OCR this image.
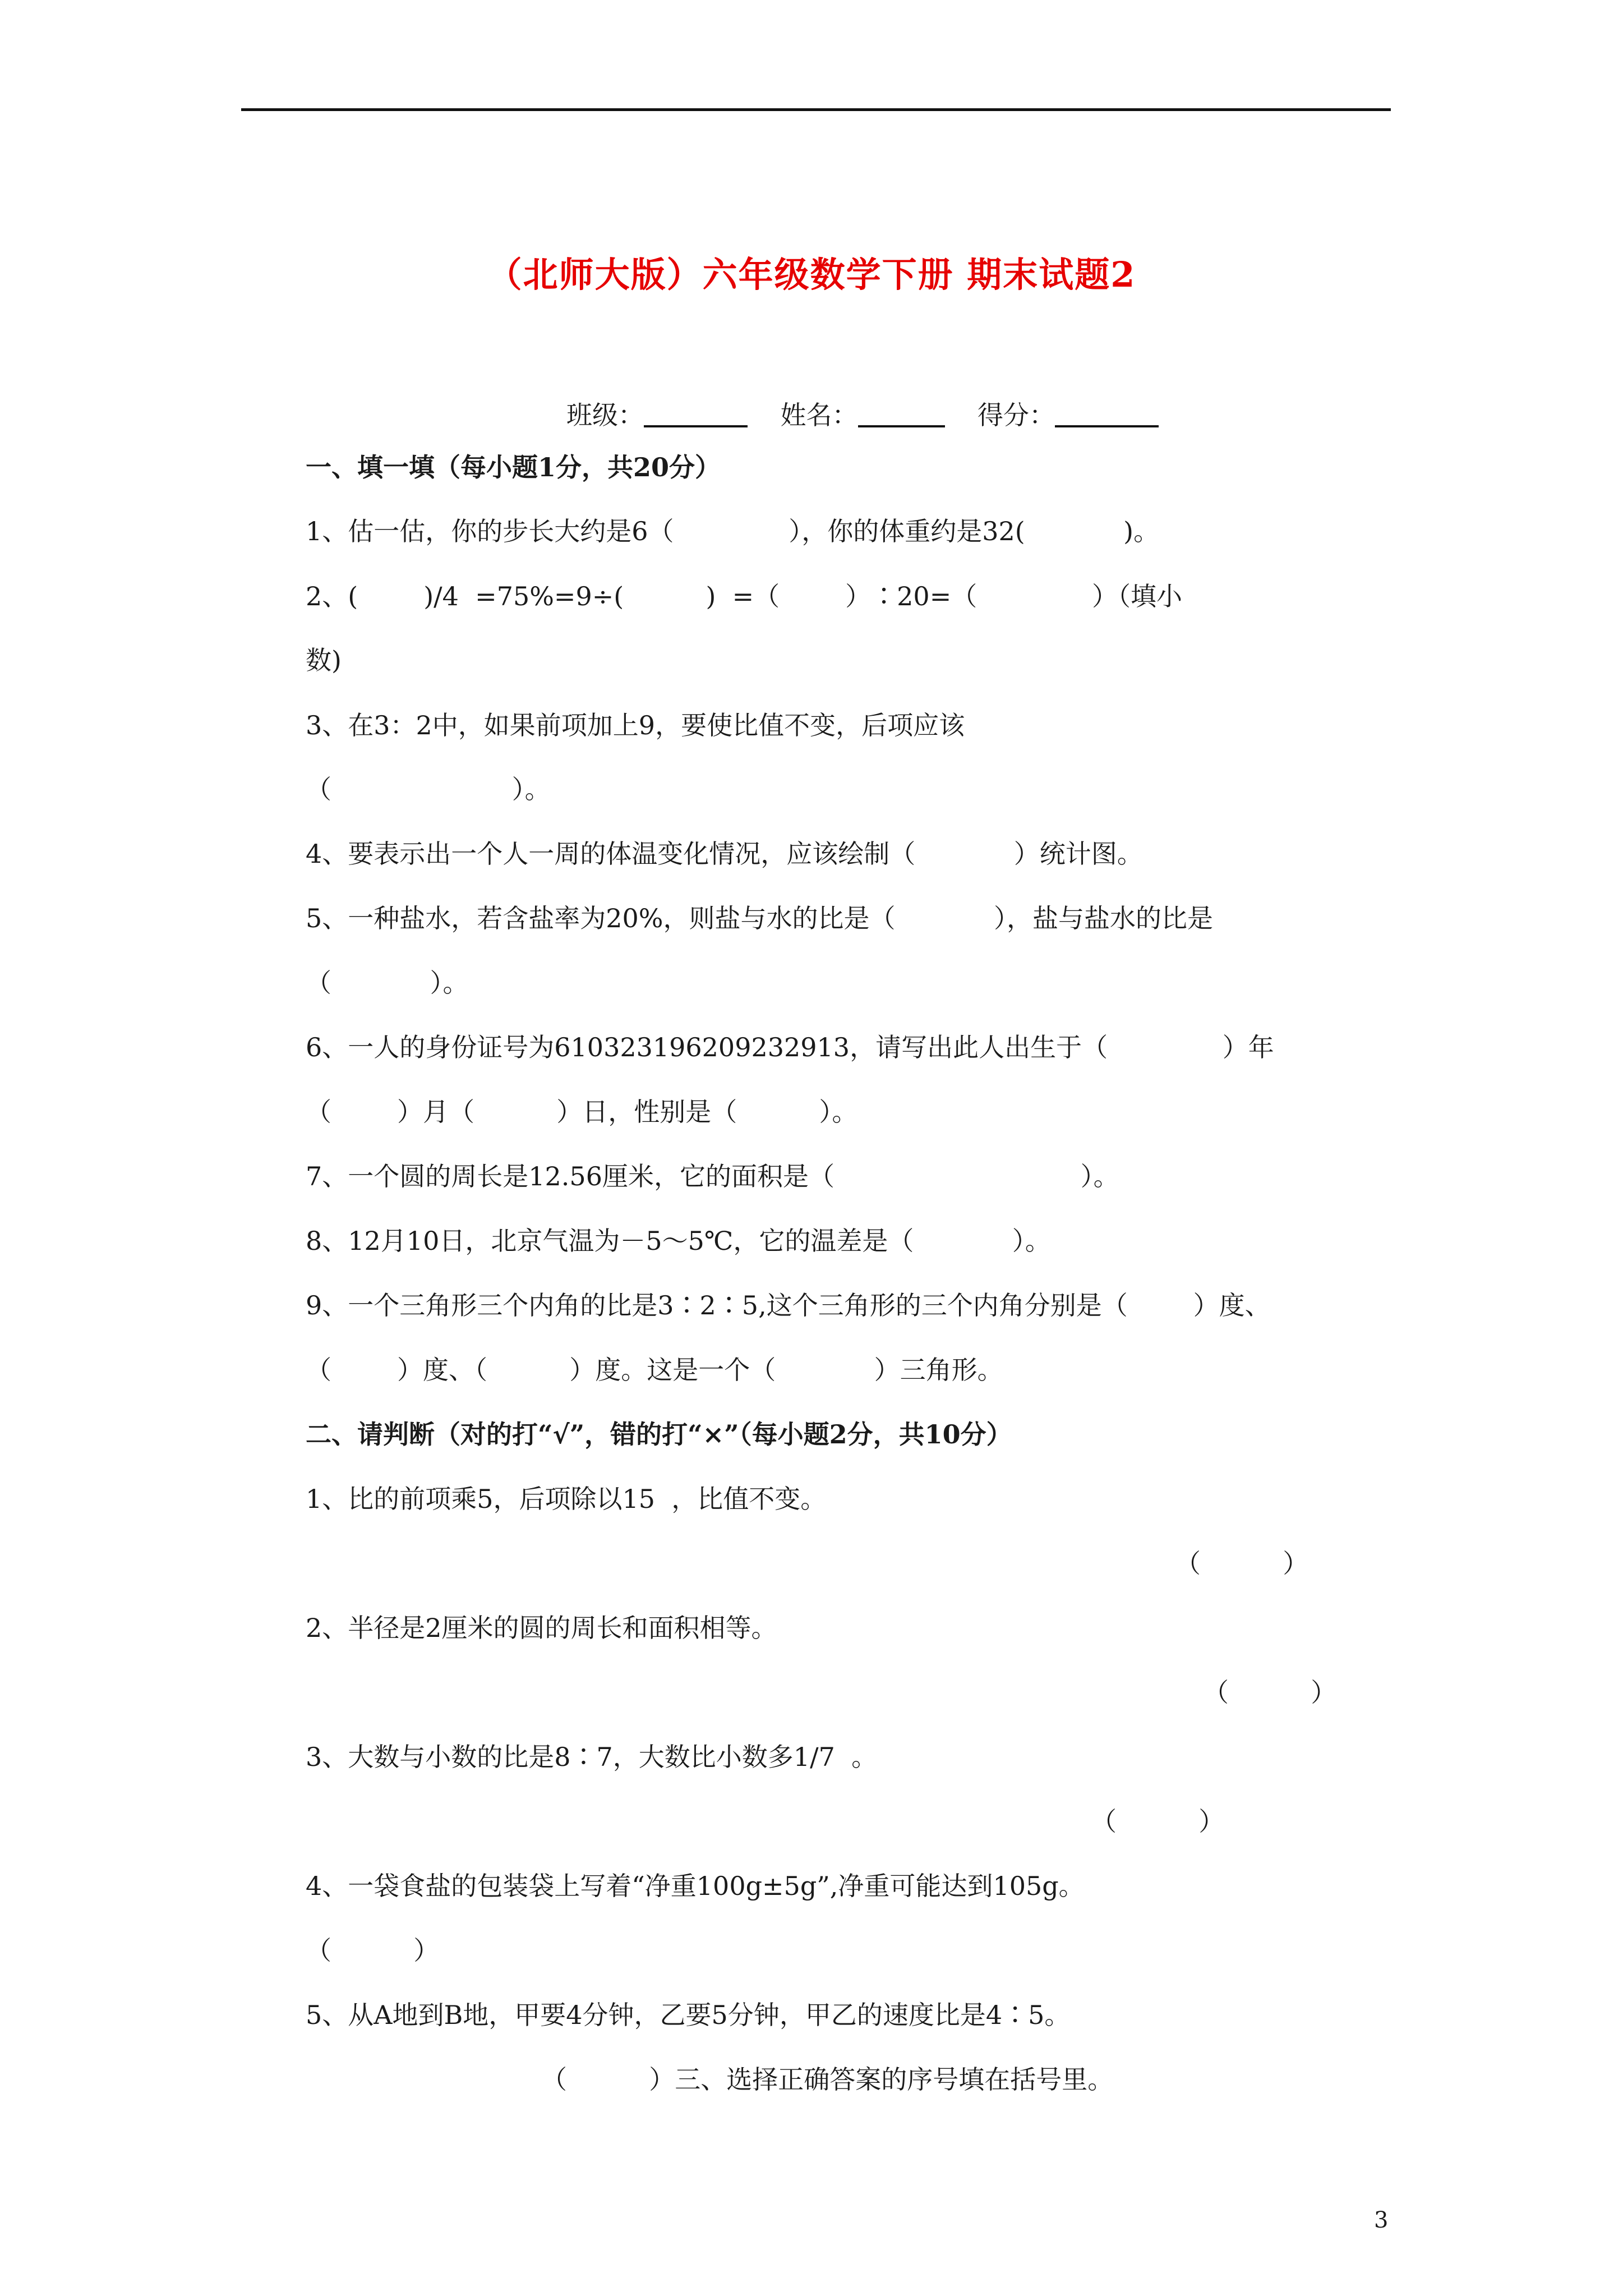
（北师大版）六年级数学下册 期末试题2
班级：	姓名：	得分：
一、填一填（每小题1分，共20分）
1、估一估，你的步长大约是6（              ），你的体重约是32(            )。
2、(        )/4  =75%=9÷(          )  =（        ）∶20=（              ）（填小
数)
3、在3：2中，如果前项加上9，要使比值不变，后项应该
（                      ）。
4、要表示出一个人一周的体温变化情况，应该绘制（            ）统计图。
5、一种盐水，若含盐率为20%，则盐与水的比是（            ），盐与盐水的比是
（            ）。
6、一人的身份证号为610323196209232913，请写出此人出生于（              ）年
（        ）月（          ）日，性别是（          ）。
7、一个圆的周长是12.56厘米，它的面积是（                              ）。
8、12月10日，北京气温为－5～5℃，它的温差是（            ）。
9、一个三角形三个内角的比是3∶2∶5,这个三角形的三个内角分别是（        ）度、
（        ）度、（          ）度。这是一个（            ）三角形。
二、请判断（对的打“√”，错的打“×”（每小题2分，共10分）
1、比的前项乘5，后项除以15  ，比值不变。
（          ）
2、半径是2厘米的圆的周长和面积相等。
（          ）
3、大数与小数的比是8∶7，大数比小数多1/7  。
（          ）
4、一袋食盐的包装袋上写着“净重100g±5g”,净重可能达到105g。
（          ）
5、从A地到B地，甲要4分钟，乙要5分钟，甲乙的速度比是4∶5。
（          ）三、选择正确答案的序号填在括号里。
3
